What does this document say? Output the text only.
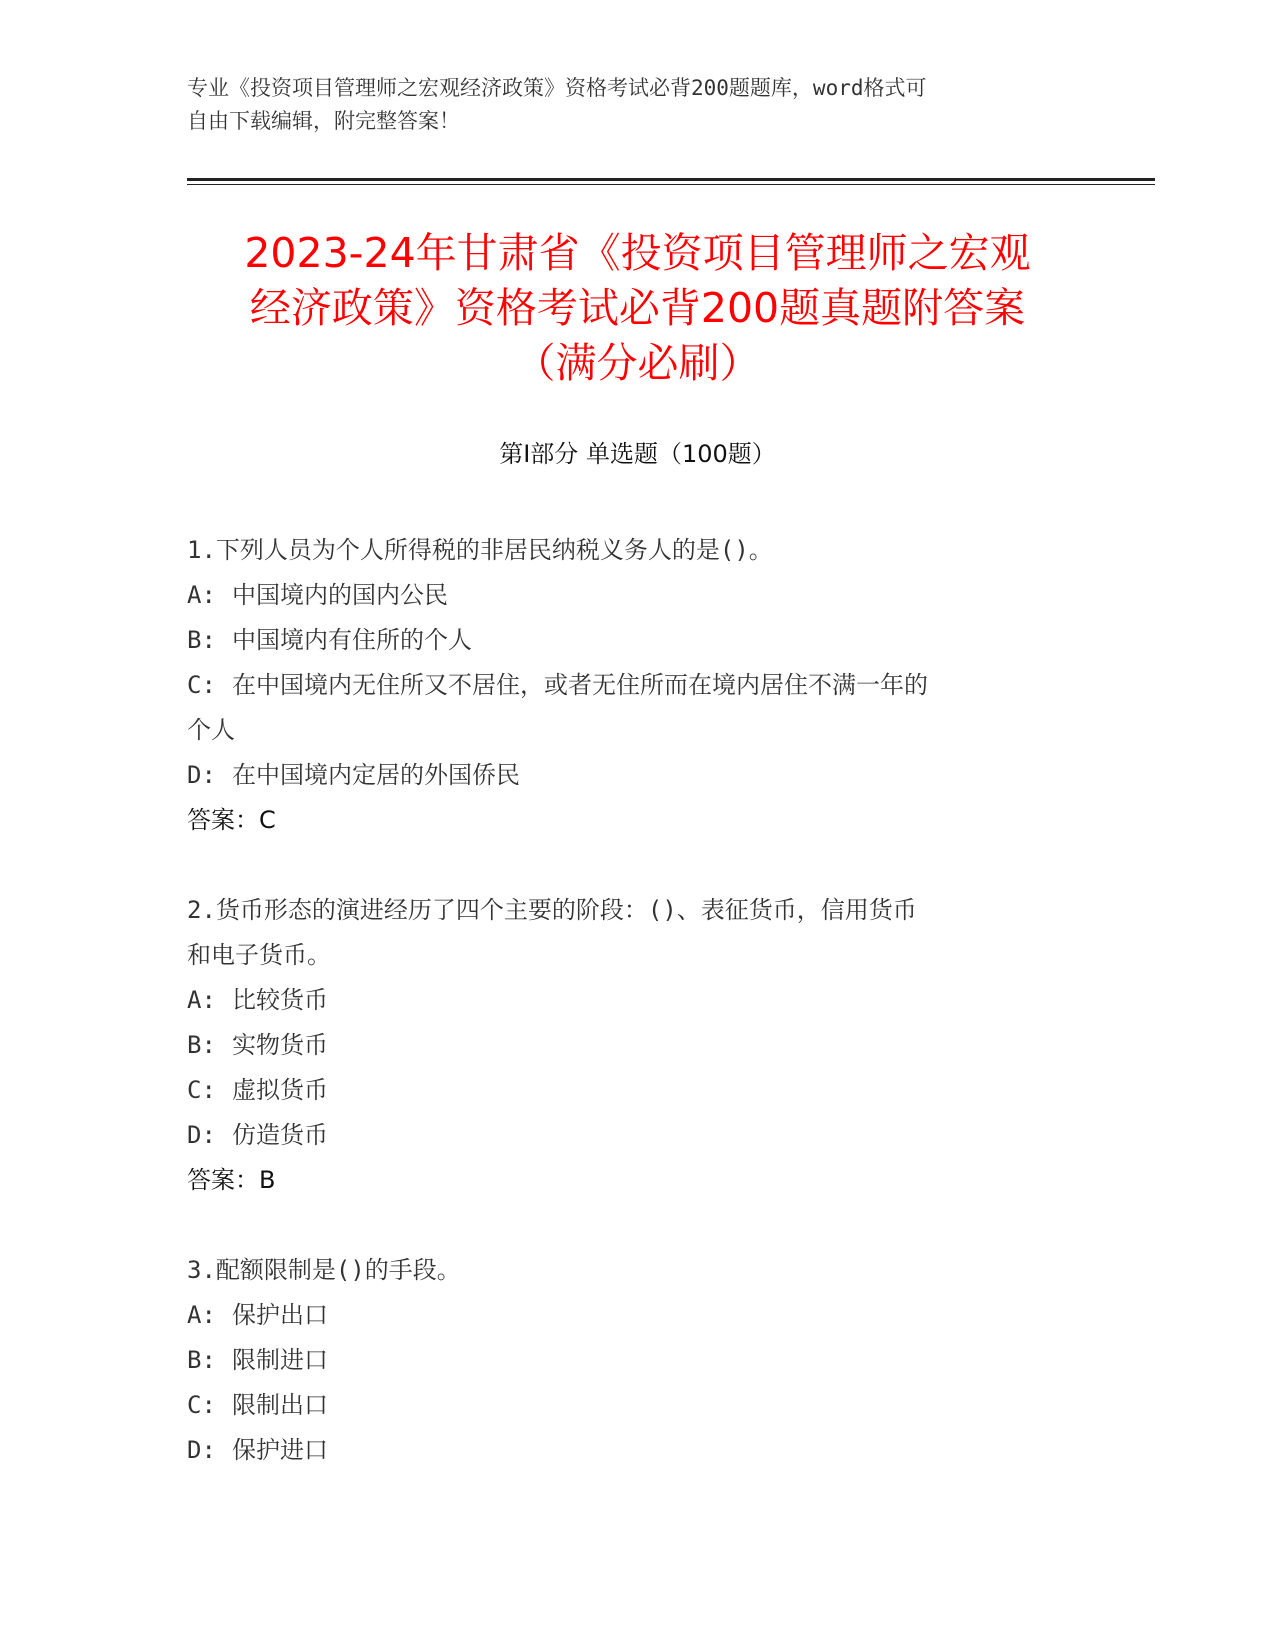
专业《投资项目管理师之宏观经济政策》资格考试必背200题题库，word格式可
自由下载编辑，附完整答案！
2023-24年甘肃省《投资项目管理师之宏观
经济政策》资格考试必背200题真题附答案
（满分必刷）
第Ⅰ部分 单选题（100题）

1.下列人员为个人所得税的非居民纳税义务人的是()。

A: 中国境内的国内公民

B: 中国境内有住所的个人

C: 在中国境内无住所又不居住，或者无住所而在境内居住不满一年的

个人

D: 在中国境内定居的外国侨民

答案：C

2.货币形态的演进经历了四个主要的阶段：()、表征货币，信用货币

和电子货币。

A: 比较货币

B: 实物货币

C: 虚拟货币

D: 仿造货币

答案：B

3.配额限制是()的手段。

A: 保护出口

B: 限制进口

C: 限制出口

D: 保护进口
